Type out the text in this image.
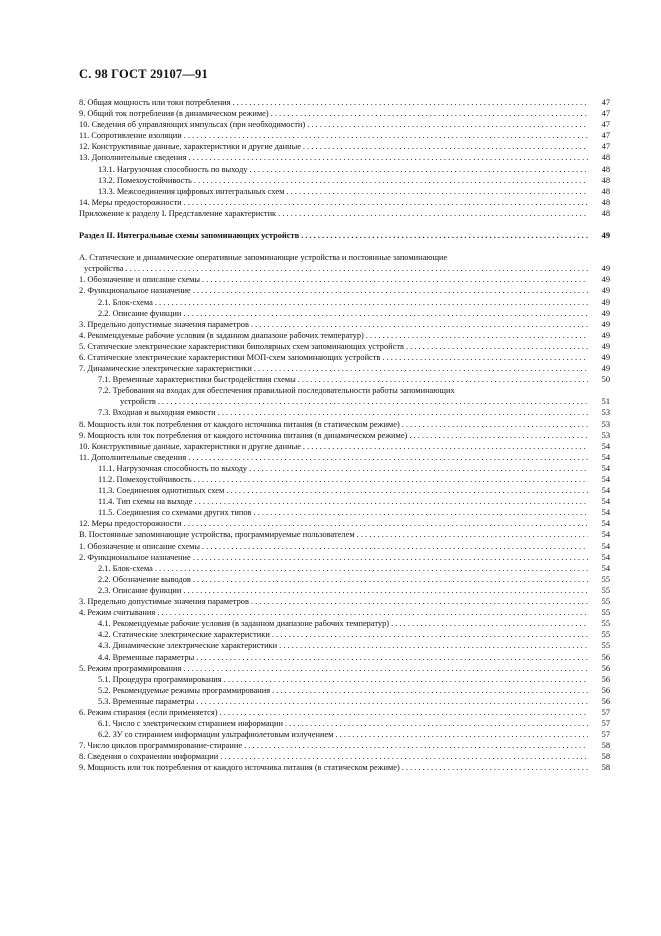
С. 98 ГОСТ 29107—91
8. Общая мощность или токи потребления . . .	47
9. Общий ток потребления (в динамическом режиме) . . .	47
10. Сведения об управляющих импульсах (при необходимости) . . .	47
11. Сопротивление изоляции . . .	47
12. Конструктивные данные, характеристики и другие данные . . .	47
13. Дополнительные сведения . . .	48
13.1. Нагрузочная способность по выходу . . .	48
13.2. Помехоустойчивость . . .	48
13.3. Межсоединения цифровых интегральных схем . . .	48
14. Меры предосторожности . . .	48
Приложение к разделу I. Представление характеристик . . .	48
Раздел II. Интегральные схемы запоминающих устройств . . .	49
A. Статические и динамические оперативные запоминающие устройства и постоянные запоминающие
устройства . . .	49
1. Обозначение и описание схемы . . .	49
2. Функциональное назначение . . .	49
2.1. Блок-схема . . .	49
2.2. Описание функции . . .	49
3. Предельно допустимые значения параметров . . .	49
4. Рекомендуемые рабочие условия (в заданном диапазоне рабочих температур) . . .	49
5. Статические электрические характеристики биполярных схем запоминающих устройств . . .	49
6. Статические электрические характеристики МОП-схем запоминающих устройств . . .	49
7. Динамические электрические характеристики . . .	49
7.1. Временные характеристики быстродействия схемы . . .	50
7.2. Требования на входах для обеспечения правильной последовательности работы запоминающих
устройств . . .	51
7.3. Входная и выходная емкости . . .	53
8. Мощность или ток потребления от каждого источника питания (в статическом режиме) . . .	53
9. Мощность или ток потребления от каждого источника питания (в динамическом режиме) . . .	53
10. Конструктивные данные, характеристики и другие данные . . .	54
11. Дополнительные сведения . . .	54
11.1. Нагрузочная способность по выходу . . .	54
11.2. Помехоустойчивость . . .	54
11.3. Соединения однотипных схем . . .	54
11.4. Тип схемы на выходе . . .	54
11.5. Соединения со схемами других типов . . .	54
12. Меры предосторожности . . .	54
B. Постоянные запоминающие устройства, программируемые пользователем . . .	54
1. Обозначение и описание схемы . . .	54
2. Функциональное назначение . . .	54
2.1. Блок-схема . . .	54
2.2. Обозначение выводов . . .	55
2.3. Описание функции . . .	55
3. Предельно допустимые значения параметров . . .	55
4. Режим считывания . . .	55
4.1. Рекомендуемые рабочие условия (в заданном диапазоне рабочих температур) . . .	55
4.2. Статические электрические характеристики . . .	55
4.3. Динамические электрические характеристики . . .	55
4.4. Временные параметры . . .	56
5. Режим программирования . . .	56
5.1. Процедура программирования . . .	56
5.2. Рекомендуемые режимы программирования . . .	56
5.3. Временные параметры . . .	56
6. Режим стирания (если применяется) . . .	57
6.1. Число с электрическим стиранием информации . . .	57
6.2. ЗУ со стиранием информации ультрафиолетовым излучением . . .	57
7. Число циклов программирование-стирание . . .	58
8. Сведения о сохранении информации . . .	58
9. Мощность или ток потребления от каждого источника питания (в статическом режиме) . . .	58
